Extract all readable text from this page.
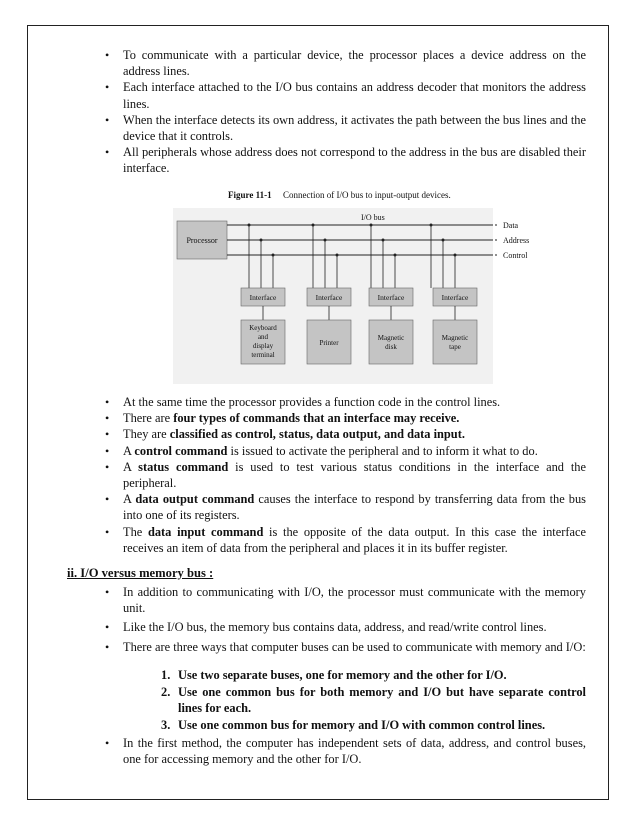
• To communicate with a particular device, the processor places a device address on the address lines.
• Each interface attached to the I/O bus contains an address decoder that monitors the address lines.
• When the interface detects its own address, it activates the path between the bus lines and the device that it controls.
• All peripherals whose address does not correspond to the address in the bus are disabled their interface.
Figure 11-1 Connection of I/O bus to input-output devices.
I/O bus
Processor
Data
Address
Control
Interface
Keyboard
and
display
terminal
Interface
Printer
Interface
Magnetic
disk
Interface
Magnetic
tape
• At the same time the processor provides a function code in the control lines.
• There are four types of commands that an interface may receive.
• They are classified as control, status, data output, and data input.
• A control command is issued to activate the peripheral and to inform it what to do.
• A status command is used to test various status conditions in the interface and the peripheral.
• A data output command causes the interface to respond by transferring data from the bus into one of its registers.
• The data input command is the opposite of the data output. In this case the interface receives an item of data from the peripheral and places it in its buffer register.
ii. I/O versus memory bus :
• In addition to communicating with I/O, the processor must communicate with the memory unit.
• Like the I/O bus, the memory bus contains data, address, and read/write control lines.
• There are three ways that computer buses can be used to communicate with memory and I/O:
1. Use two separate buses, one for memory and the other for I/O.
2. Use one common bus for both memory and I/O but have separate control lines for each.
3. Use one common bus for memory and I/O with common control lines.
• In the first method, the computer has independent sets of data, address, and control buses, one for accessing memory and the other for I/O.
